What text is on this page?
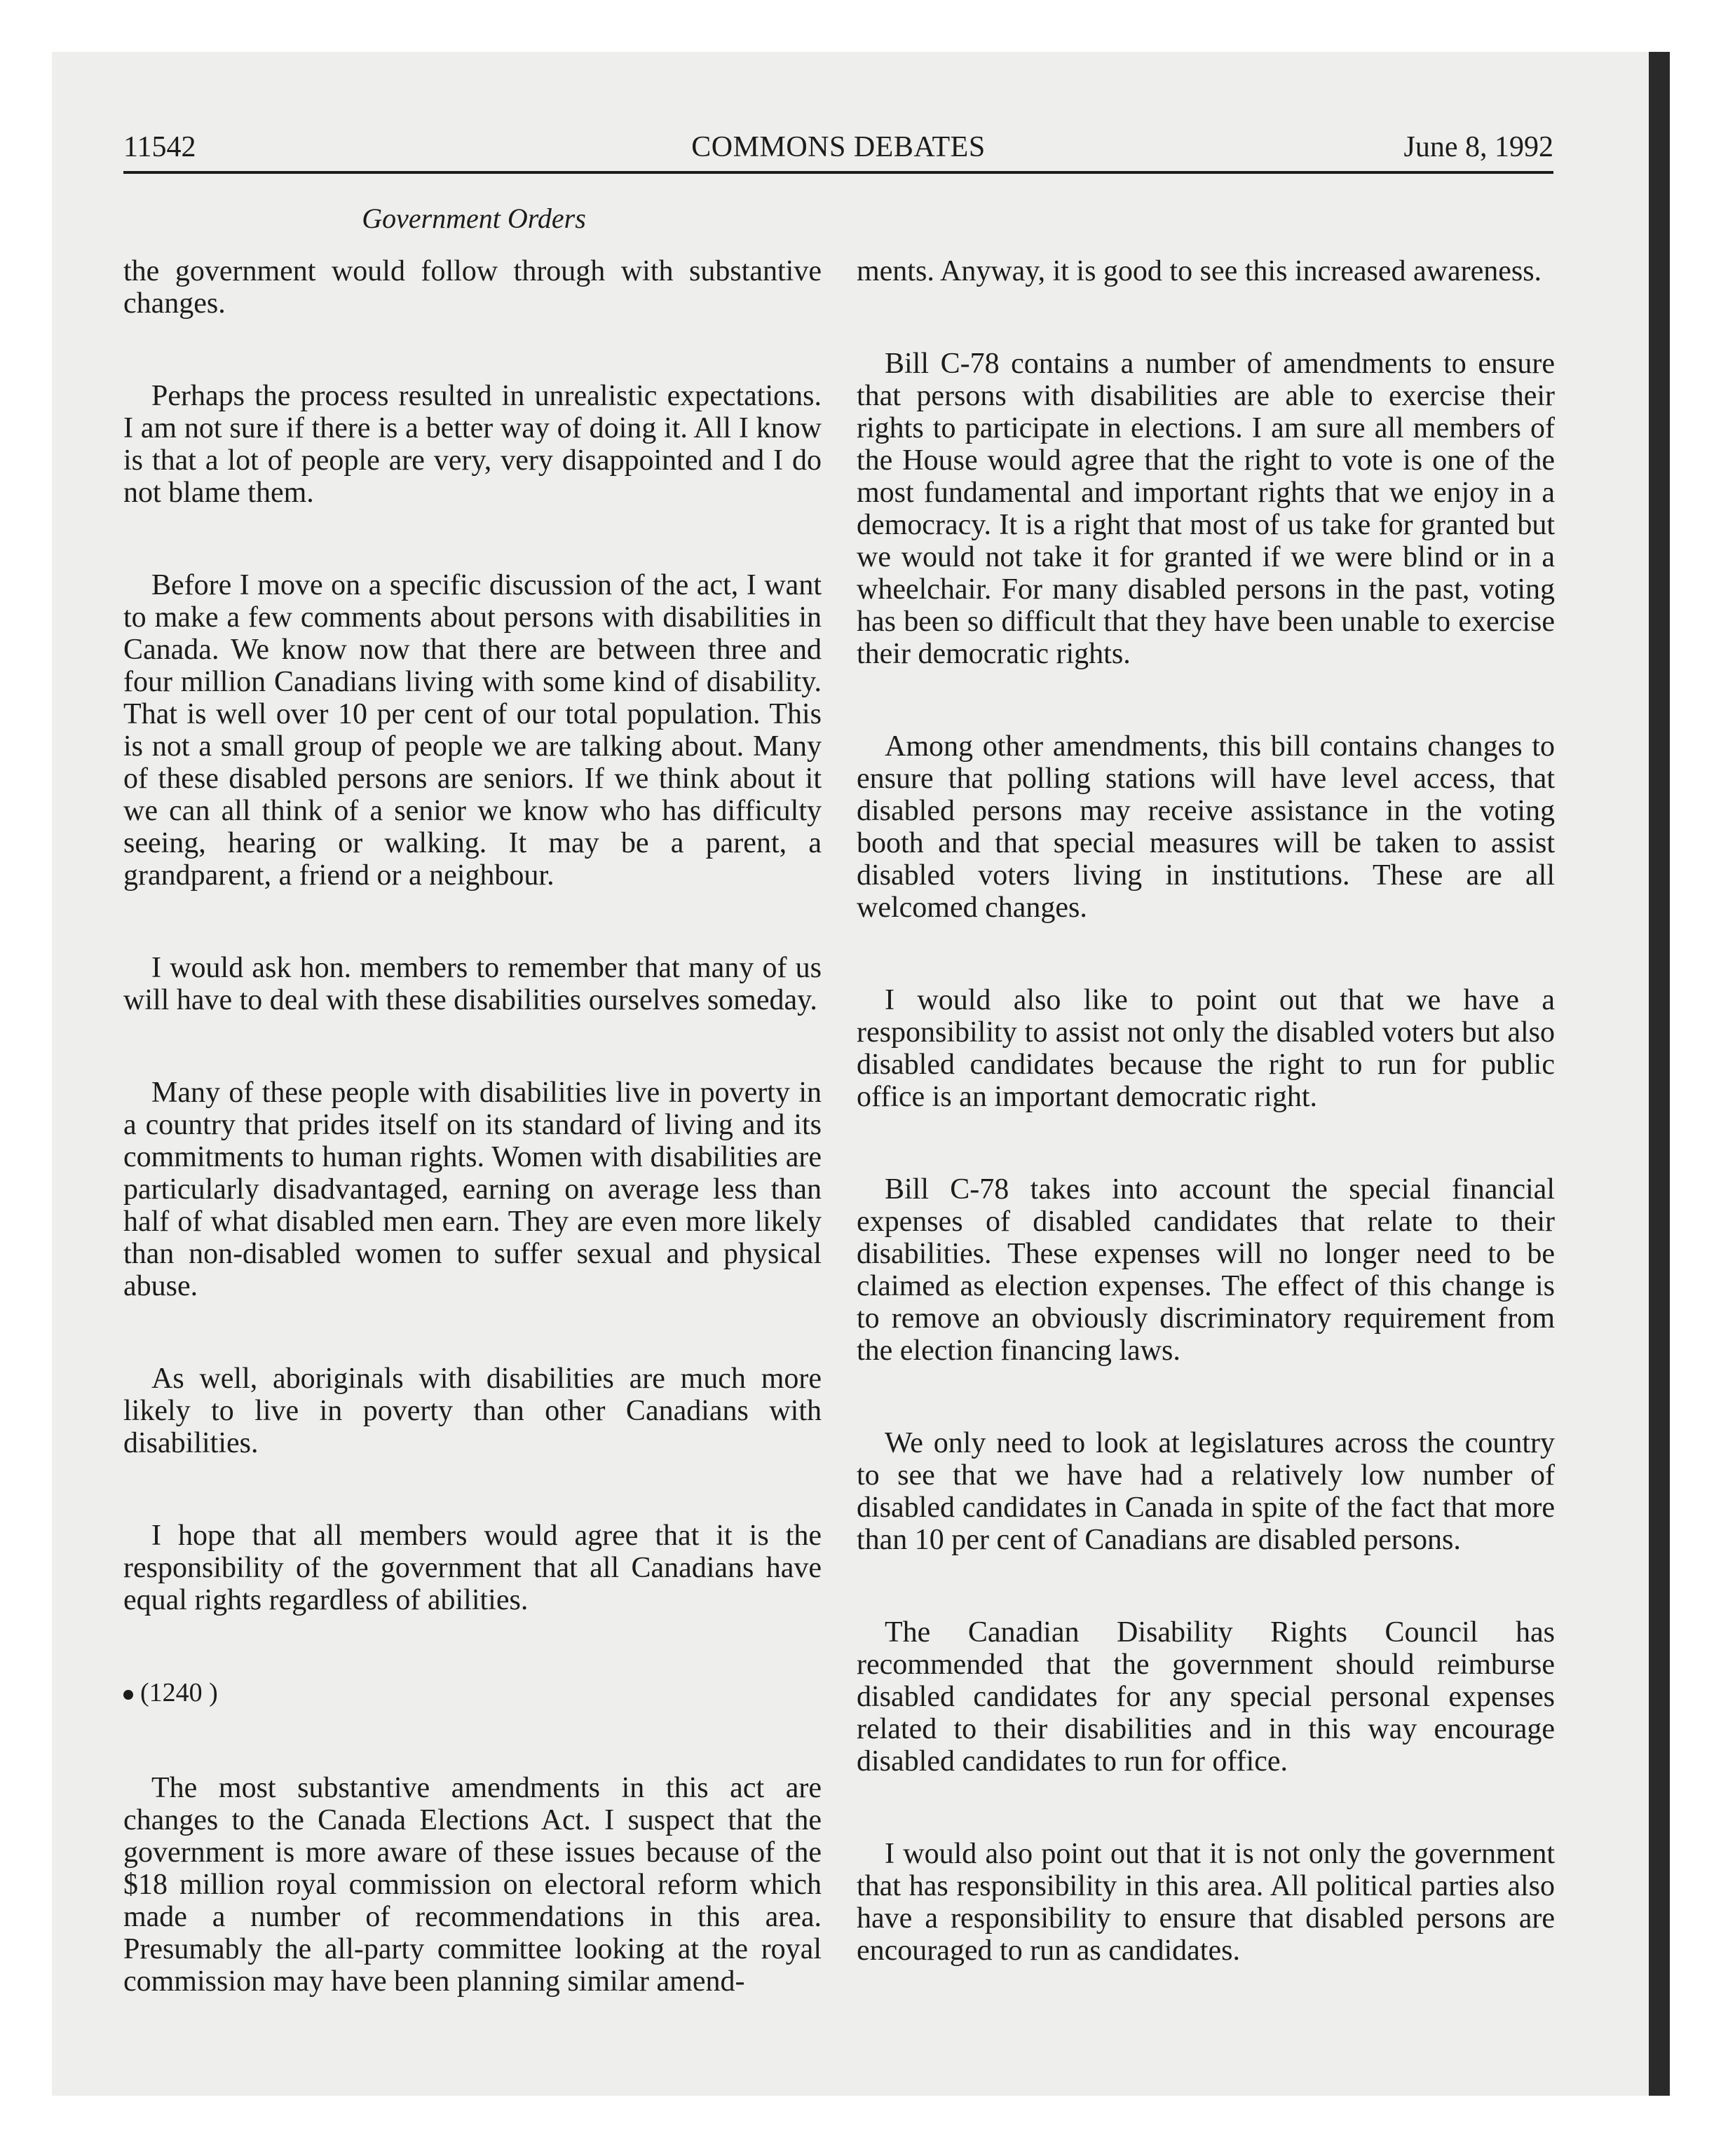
11542	COMMONS DEBATES	June 8, 1992
Government Orders

the government would follow through with substantive changes.

Perhaps the process resulted in unrealistic expectations. I am not sure if there is a better way of doing it. All I know is that a lot of people are very, very disappointed and I do not blame them.

Before I move on a specific discussion of the act, I want to make a few comments about persons with disabilities in Canada. We know now that there are between three and four million Canadians living with some kind of disability. That is well over 10 per cent of our total population. This is not a small group of people we are talking about. Many of these disabled persons are seniors. If we think about it we can all think of a senior we know who has difficulty seeing, hearing or walking. It may be a parent, a grandparent, a friend or a neighbour.

I would ask hon. members to remember that many of us will have to deal with these disabilities ourselves someday.

Many of these people with disabilities live in poverty in a country that prides itself on its standard of living and its commitments to human rights. Women with disabilities are particularly disadvantaged, earning on average less than half of what disabled men earn. They are even more likely than non-disabled women to suffer sexual and physical abuse.

As well, aboriginals with disabilities are much more likely to live in poverty than other Canadians with disabilities.

I hope that all members would agree that it is the responsibility of the government that all Canadians have equal rights regardless of abilities.

(1240 )

The most substantive amendments in this act are changes to the Canada Elections Act. I suspect that the government is more aware of these issues because of the $18 million royal commission on electoral reform which made a number of recommendations in this area. Presumably the all-party committee looking at the royal commission may have been planning similar amend-

ments. Anyway, it is good to see this increased awareness.

Bill C-78 contains a number of amendments to ensure that persons with disabilities are able to exercise their rights to participate in elections. I am sure all members of the House would agree that the right to vote is one of the most fundamental and important rights that we enjoy in a democracy. It is a right that most of us take for granted but we would not take it for granted if we were blind or in a wheelchair. For many disabled persons in the past, voting has been so difficult that they have been unable to exercise their democratic rights.

Among other amendments, this bill contains changes to ensure that polling stations will have level access, that disabled persons may receive assistance in the voting booth and that special measures will be taken to assist disabled voters living in institutions. These are all welcomed changes.

I would also like to point out that we have a responsibility to assist not only the disabled voters but also disabled candidates because the right to run for public office is an important democratic right.

Bill C-78 takes into account the special financial expenses of disabled candidates that relate to their disabilities. These expenses will no longer need to be claimed as election expenses. The effect of this change is to remove an obviously discriminatory requirement from the election financing laws.

We only need to look at legislatures across the country to see that we have had a relatively low number of disabled candidates in Canada in spite of the fact that more than 10 per cent of Canadians are disabled persons.

The Canadian Disability Rights Council has recommended that the government should reimburse disabled candidates for any special personal expenses related to their disabilities and in this way encourage disabled candidates to run for office.

I would also point out that it is not only the government that has responsibility in this area. All political parties also have a responsibility to ensure that disabled persons are encouraged to run as candidates.
